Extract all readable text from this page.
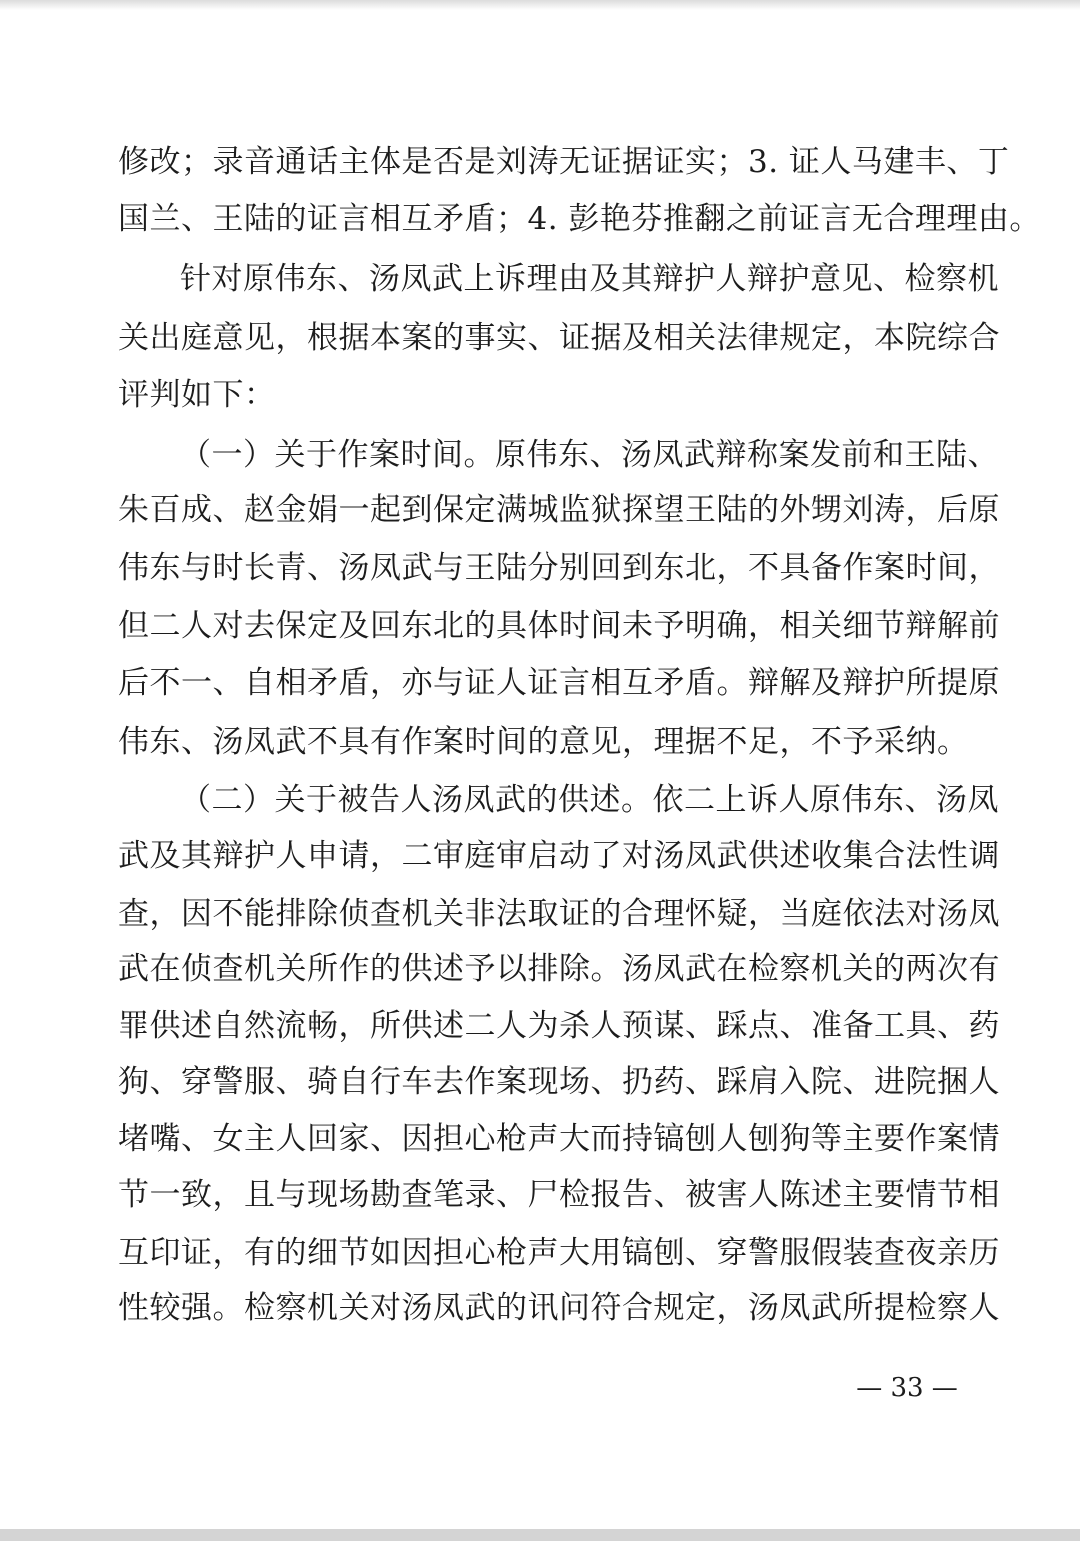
修改；录音通话主体是否是刘涛无证据证实；3. 证人马建丰、丁
国兰、王陆的证言相互矛盾；4. 彭艳芬推翻之前证言无合理理由。
针对原伟东、汤凤武上诉理由及其辩护人辩护意见、检察机
关出庭意见，根据本案的事实、证据及相关法律规定，本院综合
评判如下：
（一）关于作案时间。原伟东、汤凤武辩称案发前和王陆、
朱百成、赵金娟一起到保定满城监狱探望王陆的外甥刘涛，后原
伟东与时长青、汤凤武与王陆分别回到东北，不具备作案时间，
但二人对去保定及回东北的具体时间未予明确，相关细节辩解前
后不一、自相矛盾，亦与证人证言相互矛盾。辩解及辩护所提原
伟东、汤凤武不具有作案时间的意见，理据不足，不予采纳。
（二）关于被告人汤凤武的供述。依二上诉人原伟东、汤凤
武及其辩护人申请，二审庭审启动了对汤凤武供述收集合法性调
查，因不能排除侦查机关非法取证的合理怀疑，当庭依法对汤凤
武在侦查机关所作的供述予以排除。汤凤武在检察机关的两次有
罪供述自然流畅，所供述二人为杀人预谋、踩点、准备工具、药
狗、穿警服、骑自行车去作案现场、扔药、踩肩入院、进院捆人
堵嘴、女主人回家、因担心枪声大而持镐刨人刨狗等主要作案情
节一致，且与现场勘查笔录、尸检报告、被害人陈述主要情节相
互印证，有的细节如因担心枪声大用镐刨、穿警服假装查夜亲历
性较强。检察机关对汤凤武的讯问符合规定，汤凤武所提检察人
— 33 —
